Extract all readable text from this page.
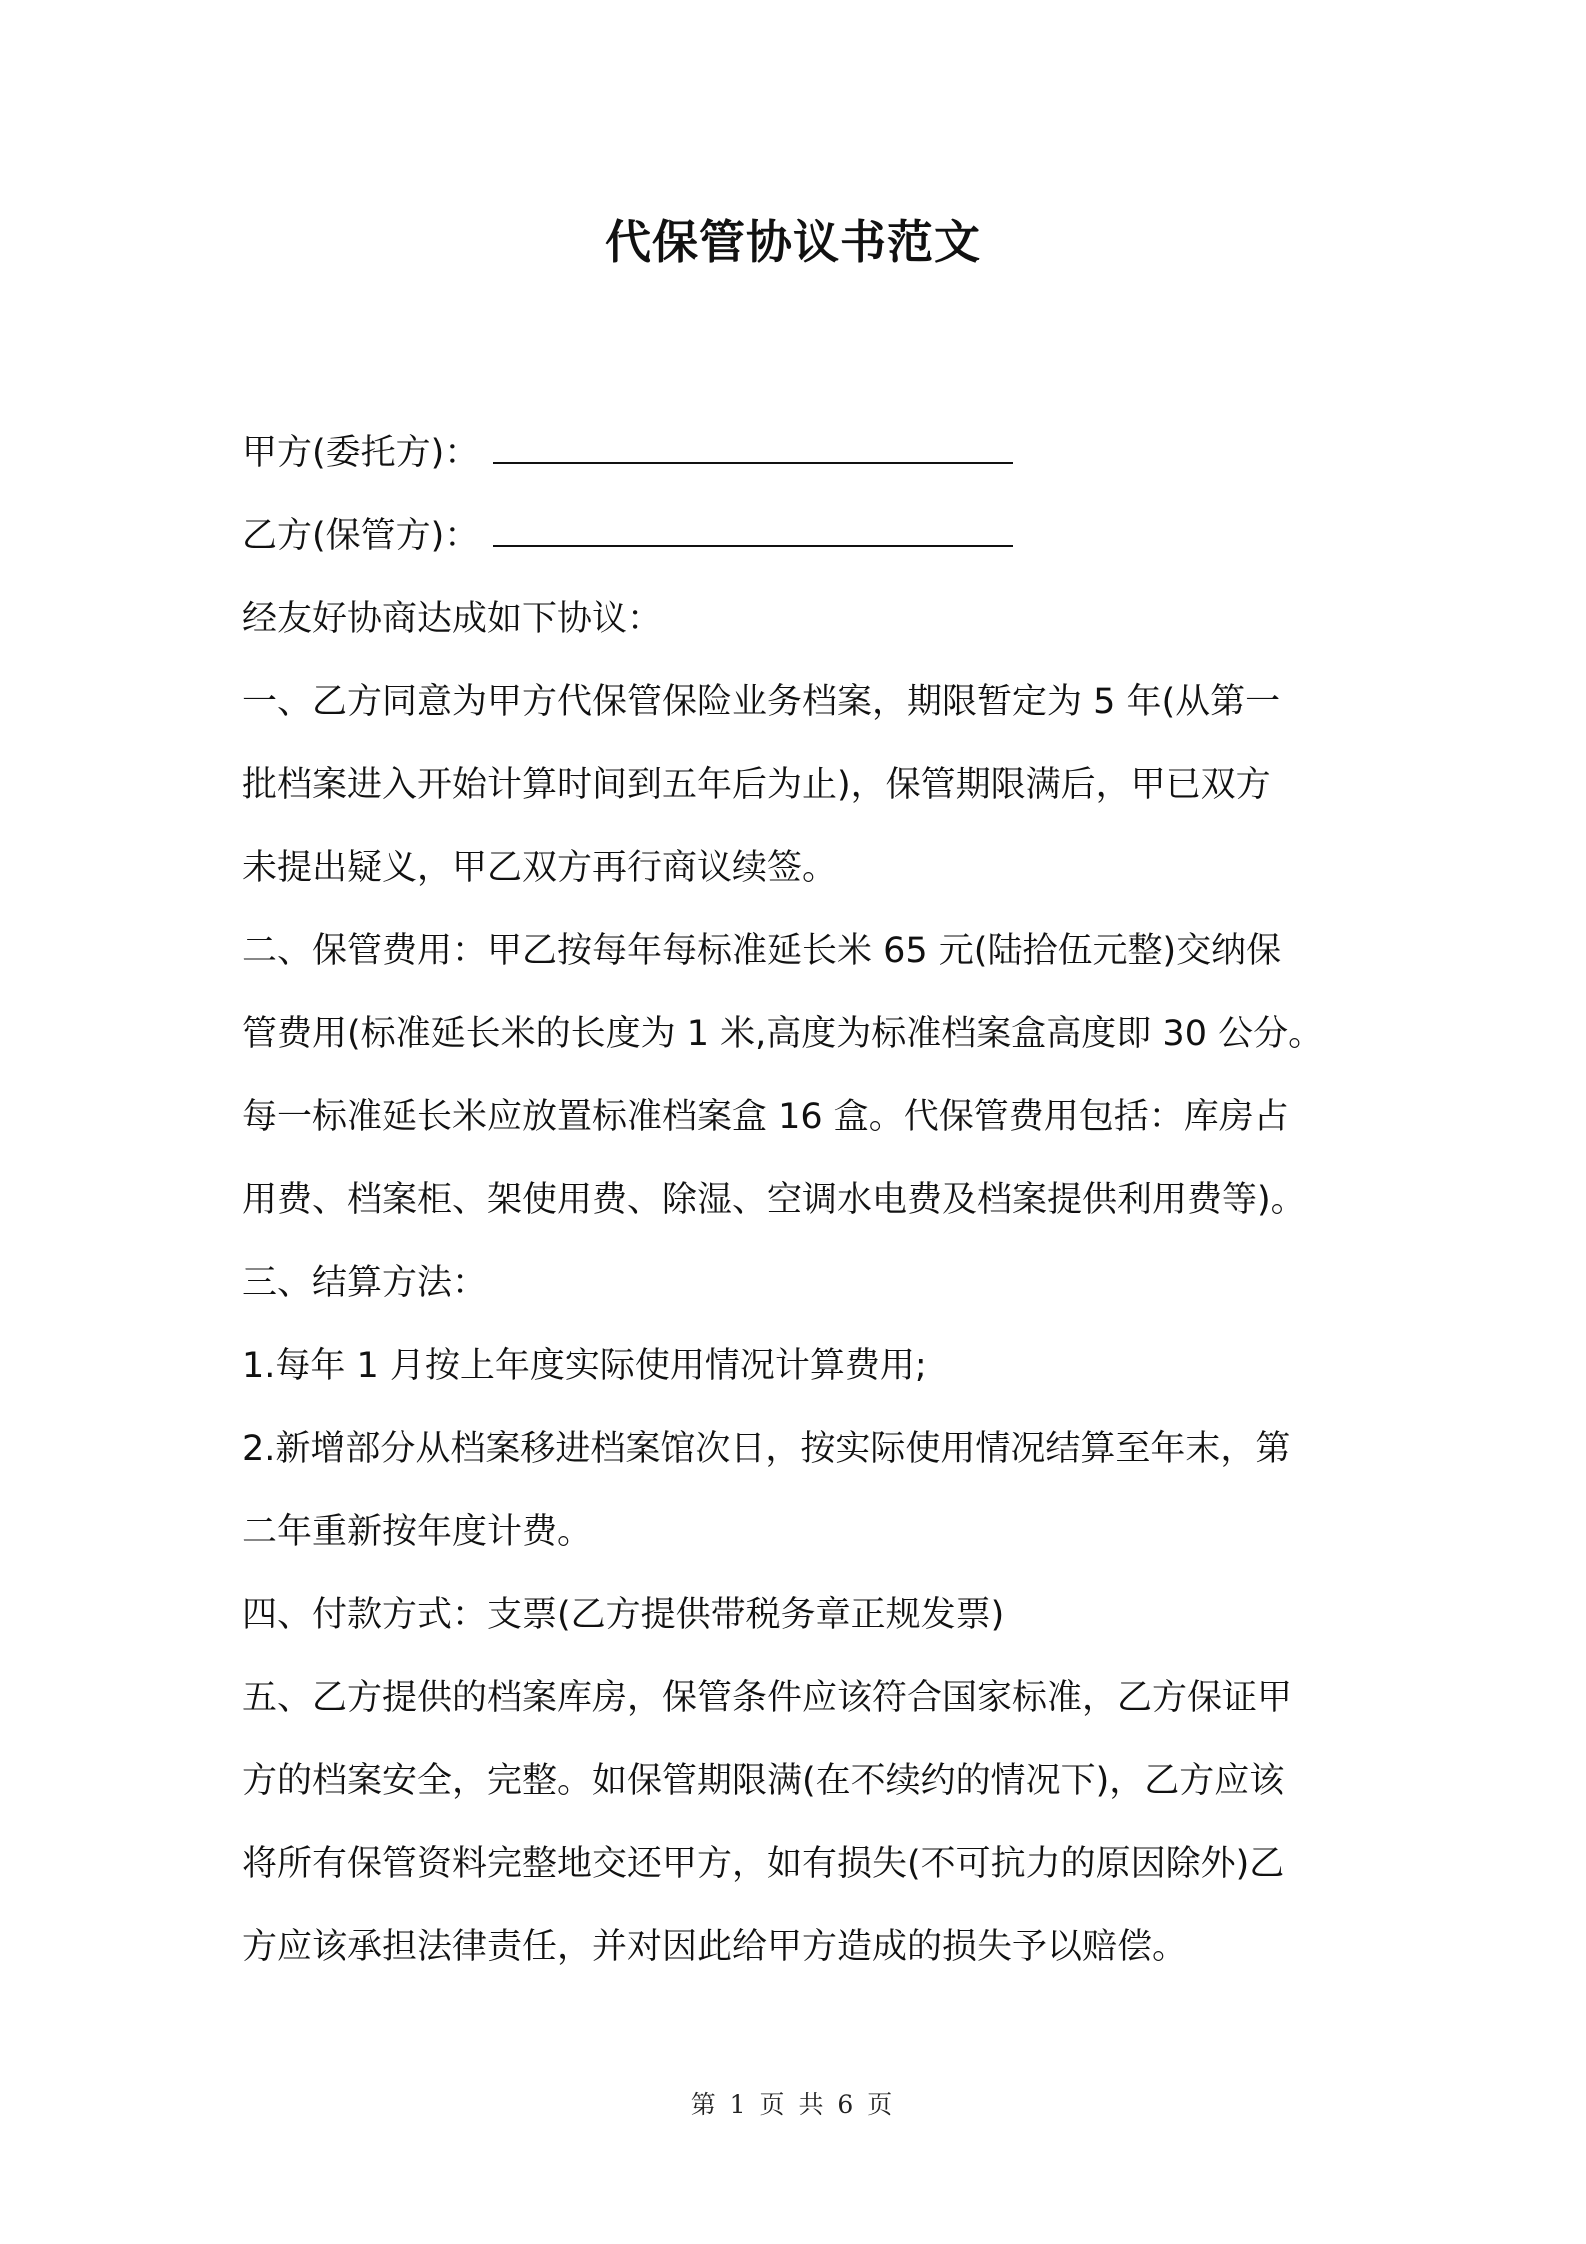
代保管协议书范文
甲方(委托方)：
乙方(保管方)：
经友好协商达成如下协议：
一、乙方同意为甲方代保管保险业务档案，期限暂定为 5 年(从第一
批档案进入开始计算时间到五年后为止)，保管期限满后，甲已双方
未提出疑义，甲乙双方再行商议续签。
二、保管费用：甲乙按每年每标准延长米 65 元(陆拾伍元整)交纳保
管费用(标准延长米的长度为 1 米,高度为标准档案盒高度即 30 公分。
每一标准延长米应放置标准档案盒 16 盒。代保管费用包括：库房占
用费、档案柜、架使用费、除湿、空调水电费及档案提供利用费等)。
三、结算方法：
1.每年 1 月按上年度实际使用情况计算费用;
2.新增部分从档案移进档案馆次日，按实际使用情况结算至年末，第
二年重新按年度计费。
四、付款方式：支票(乙方提供带税务章正规发票)
五、乙方提供的档案库房，保管条件应该符合国家标准，乙方保证甲
方的档案安全，完整。如保管期限满(在不续约的情况下)，乙方应该
将所有保管资料完整地交还甲方，如有损失(不可抗力的原因除外)乙
方应该承担法律责任，并对因此给甲方造成的损失予以赔偿。
第 1 页 共 6 页
